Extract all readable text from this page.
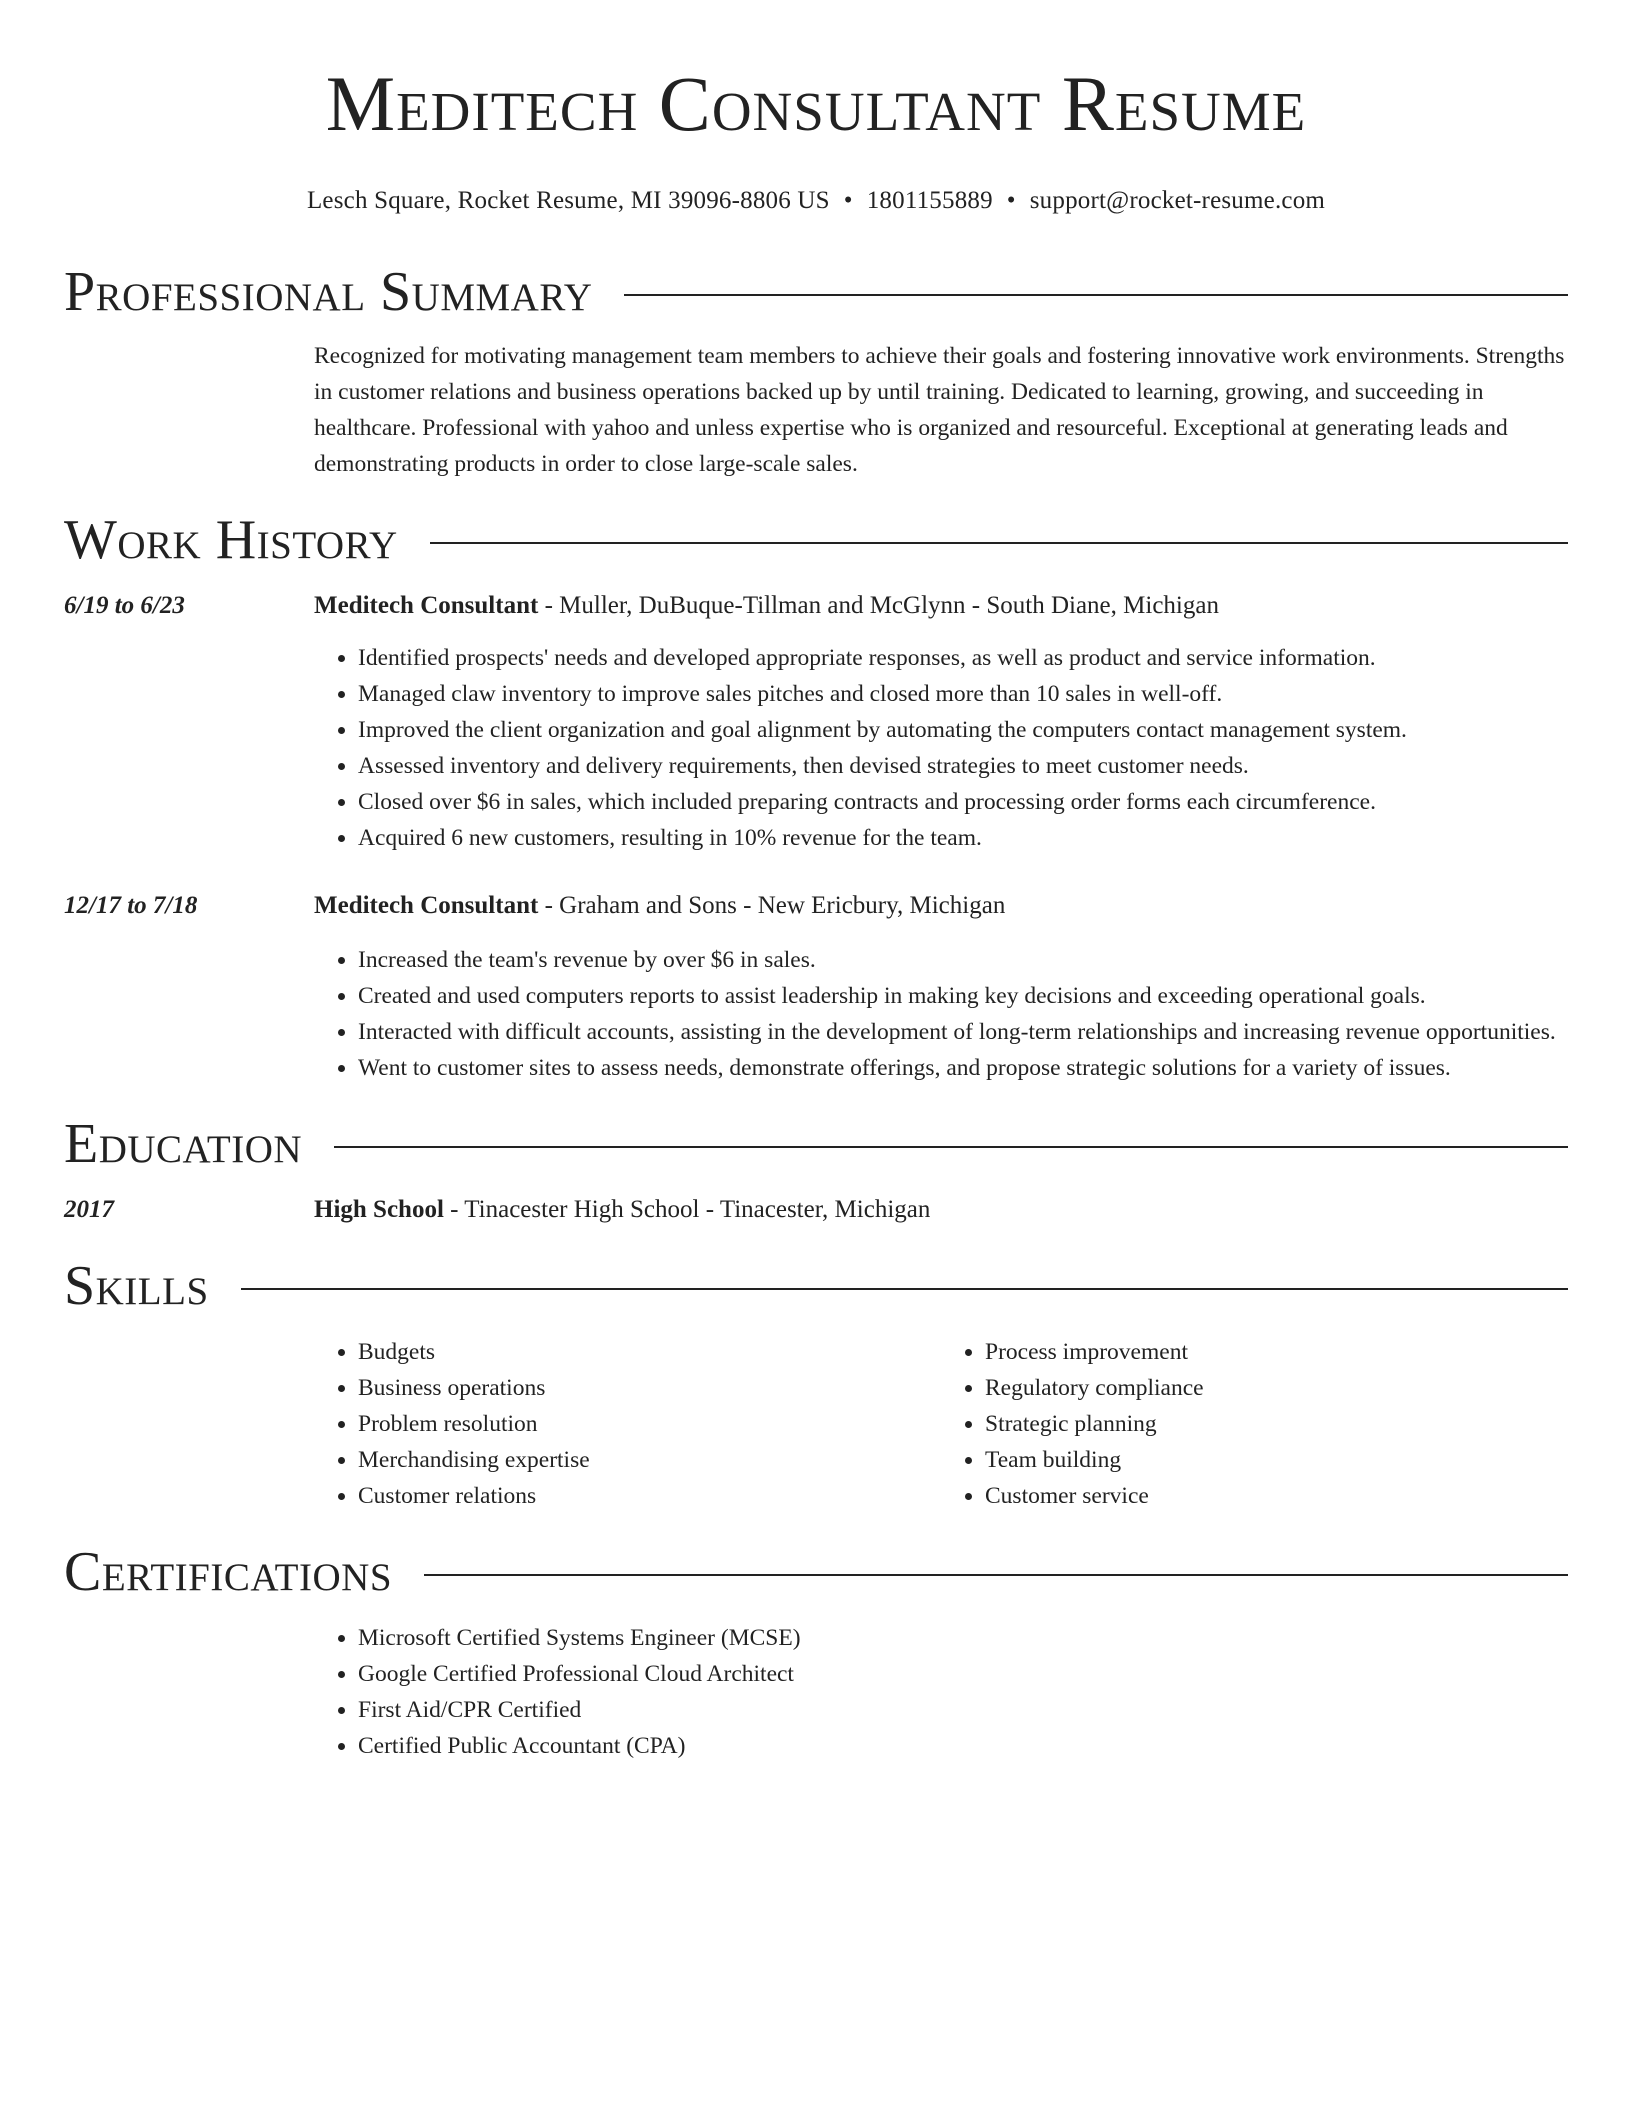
Meditech Consultant Resume
Lesch Square, Rocket Resume, MI 39096-8806 US • 1801155889 • support@rocket-resume.com
Professional Summary
Recognized for motivating management team members to achieve their goals and fostering innovative work environments. Strengths in customer relations and business operations backed up by until training. Dedicated to learning, growing, and succeeding in healthcare. Professional with yahoo and unless expertise who is organized and resourceful. Exceptional at generating leads and demonstrating products in order to close large-scale sales.
Work History
6/19 to 6/23	Meditech Consultant - Muller, DuBuque-Tillman and McGlynn - South Diane, Michigan
• Identified prospects' needs and developed appropriate responses, as well as product and service information.
• Managed claw inventory to improve sales pitches and closed more than 10 sales in well-off.
• Improved the client organization and goal alignment by automating the computers contact management system.
• Assessed inventory and delivery requirements, then devised strategies to meet customer needs.
• Closed over $6 in sales, which included preparing contracts and processing order forms each circumference.
• Acquired 6 new customers, resulting in 10% revenue for the team.
12/17 to 7/18	Meditech Consultant - Graham and Sons - New Ericbury, Michigan
• Increased the team's revenue by over $6 in sales.
• Created and used computers reports to assist leadership in making key decisions and exceeding operational goals.
• Interacted with difficult accounts, assisting in the development of long-term relationships and increasing revenue opportunities.
• Went to customer sites to assess needs, demonstrate offerings, and propose strategic solutions for a variety of issues.
Education
2017	High School - Tinacester High School - Tinacester, Michigan
Skills
• Budgets
• Business operations
• Problem resolution
• Merchandising expertise
• Customer relations
• Process improvement
• Regulatory compliance
• Strategic planning
• Team building
• Customer service
Certifications
• Microsoft Certified Systems Engineer (MCSE)
• Google Certified Professional Cloud Architect
• First Aid/CPR Certified
• Certified Public Accountant (CPA)
